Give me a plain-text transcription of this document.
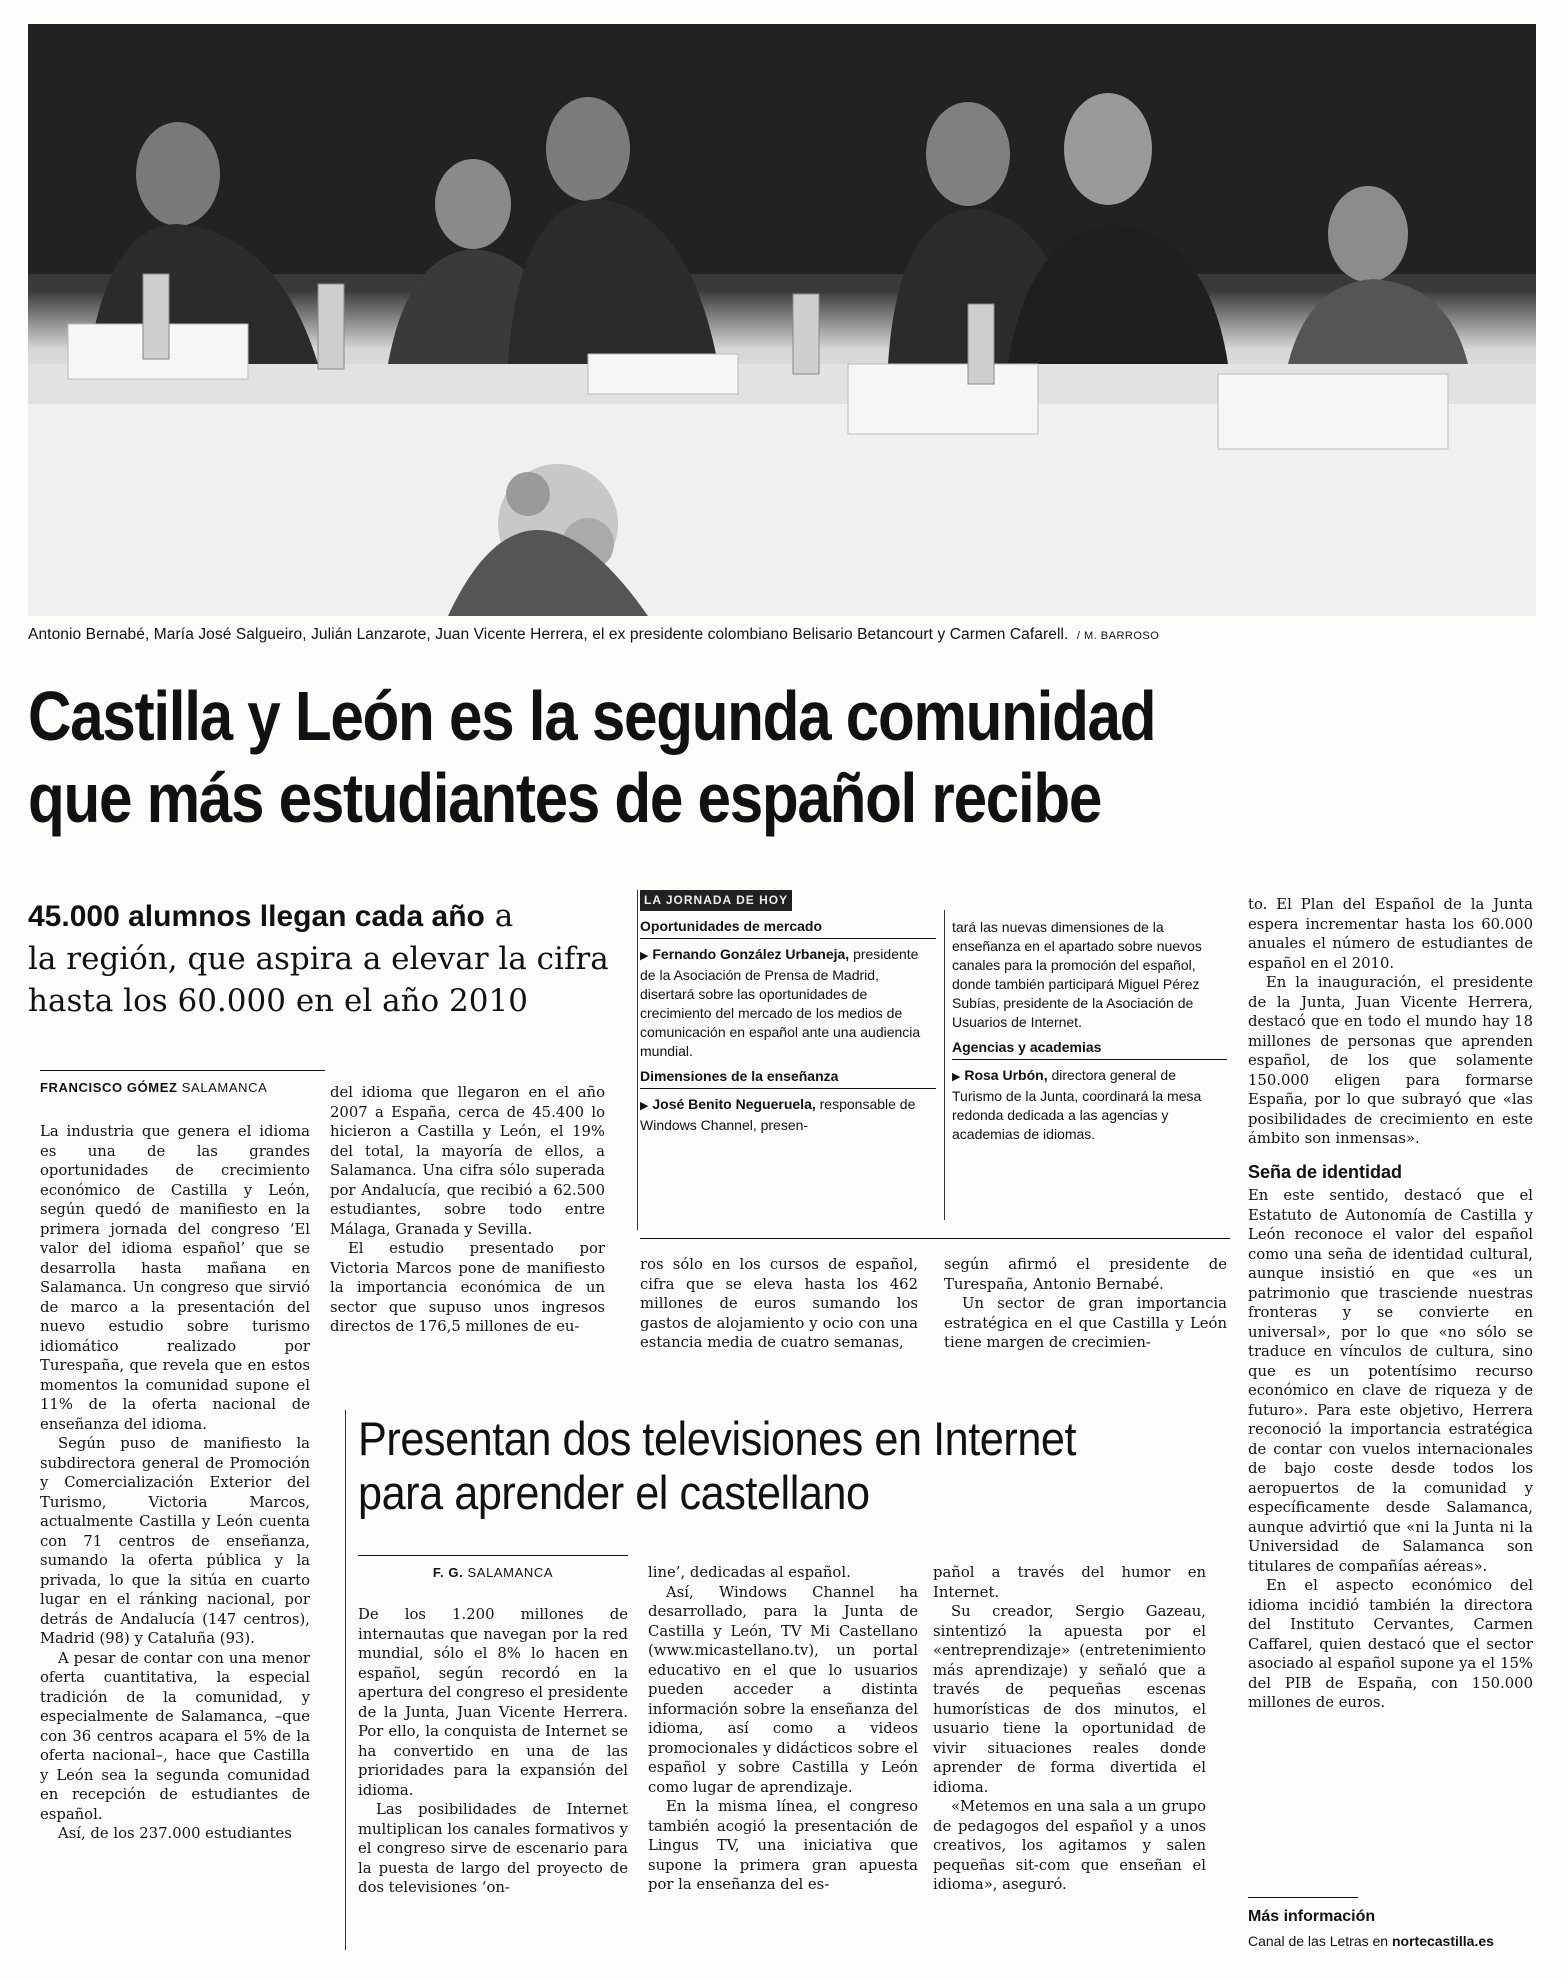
Antonio Bernabé, María José Salgueiro, Julián Lanzarote, Juan Vicente Herrera, el ex presidente colombiano Belisario Betancourt y Carmen Cafarell. / M. BARROSO
Castilla y León es la segunda comunidad
que más estudiantes de español recibe
45.000 alumnos llegan cada año a
la región, que aspira a elevar la cifra
hasta los 60.000 en el año 2010
FRANCISCO GÓMEZ SALAMANCA

La industria que genera el idioma es una de las grandes oportunidades de crecimiento económico de Castilla y León, según quedó de manifiesto en la primera jornada del congreso ‘El valor del idioma español’ que se desarrolla hasta mañana en Salamanca. Un congreso que sirvió de marco a la presentación del nuevo estudio sobre turismo idiomático realizado por Turespaña, que revela que en estos momentos la comunidad supone el 11% de la oferta nacional de enseñanza del idioma.

Según puso de manifiesto la subdirectora general de Promoción y Comercialización Exterior del Turismo, Victoria Marcos, actualmente Castilla y León cuenta con 71 centros de enseñanza, sumando la oferta pública y la privada, lo que la sitúa en cuarto lugar en el ránking nacional, por detrás de Andalucía (147 centros), Madrid (98) y Cataluña (93).

A pesar de contar con una menor oferta cuantitativa, la especial tradición de la comunidad, y especialmente de Salamanca, –que con 36 centros acapara el 5% de la oferta nacional–, hace que Castilla y León sea la segunda comunidad en recepción de estudiantes de español.

Así, de los 237.000 estudiantes

del idioma que llegaron en el año 2007 a España, cerca de 45.400 lo hicieron a Castilla y León, el 19% del total, la mayoría de ellos, a Salamanca. Una cifra sólo superada por Andalucía, que recibió a 62.500 estudiantes, sobre todo entre Málaga, Granada y Sevilla.

El estudio presentado por Victoria Marcos pone de manifiesto la importancia económica de un sector que supuso unos ingresos directos de 176,5 millones de eu-

LA JORNADA DE HOY
Oportunidades de mercado

▶ Fernando González Urbaneja, presidente de la Asociación de Prensa de Madrid, disertará sobre las oportunidades de crecimiento del mercado de los medios de comunicación en español ante una audiencia mundial.

Dimensiones de la enseñanza

▶ José Benito Negueruela, responsable de Windows Channel, presen-

tará las nuevas dimensiones de la enseñanza en el apartado sobre nuevos canales para la promoción del español, donde también participará Miguel Pérez Subías, presidente de la Asociación de Usuarios de Internet.

Agencias y academias

▶ Rosa Urbón, directora general de Turismo de la Junta, coordinará la mesa redonda dedicada a las agencias y academias de idiomas.

ros sólo en los cursos de español, cifra que se eleva hasta los 462 millones de euros sumando los gastos de alojamiento y ocio con una estancia media de cuatro semanas,

según afirmó el presidente de Turespaña, Antonio Bernabé.

Un sector de gran importancia estratégica en el que Castilla y León tiene margen de crecimien-

to. El Plan del Español de la Junta espera incrementar hasta los 60.000 anuales el número de estudiantes de español en el 2010.

En la inauguración, el presidente de la Junta, Juan Vicente Herrera, destacó que en todo el mundo hay 18 millones de personas que aprenden español, de los que solamente 150.000 eligen para formarse España, por lo que subrayó que «las posibilidades de crecimiento en este ámbito son inmensas».

Seña de identidad

En este sentido, destacó que el Estatuto de Autonomía de Castilla y León reconoce el valor del español como una seña de identidad cultural, aunque insistió en que «es un patrimonio que trasciende nuestras fronteras y se convierte en universal», por lo que «no sólo se traduce en vínculos de cultura, sino que es un potentísimo recurso económico en clave de riqueza y de futuro». Para este objetivo, Herrera reconoció la importancia estratégica de contar con vuelos internacionales de bajo coste desde todos los aeropuertos de la comunidad y específicamente desde Salamanca, aunque advirtió que «ni la Junta ni la Universidad de Salamanca son titulares de compañías aéreas».

En el aspecto económico del idioma incidió también la directora del Instituto Cervantes, Carmen Caffarel, quien destacó que el sector asociado al español supone ya el 15% del PIB de España, con 150.000 millones de euros.

Presentan dos televisiones en Internet
para aprender el castellano
F. G. SALAMANCA

De los 1.200 millones de internautas que navegan por la red mundial, sólo el 8% lo hacen en español, según recordó en la apertura del congreso el presidente de la Junta, Juan Vicente Herrera. Por ello, la conquista de Internet se ha convertido en una de las prioridades para la expansión del idioma.

Las posibilidades de Internet multiplican los canales formativos y el congreso sirve de escenario para la puesta de largo del proyecto de dos televisiones ‘on-

line’, dedicadas al español.

Así, Windows Channel ha desarrollado, para la Junta de Castilla y León, TV Mi Castellano (www.micastellano.tv), un portal educativo en el que lo usuarios pueden acceder a distinta información sobre la enseñanza del idioma, así como a videos promocionales y didácticos sobre el español y sobre Castilla y León como lugar de aprendizaje.

En la misma línea, el congreso también acogió la presentación de Lingus TV, una iniciativa que supone la primera gran apuesta por la enseñanza del es-

pañol a través del humor en Internet.

Su creador, Sergio Gazeau, sintentizó la apuesta por el «entreprendizaje» (entretenimiento más aprendizaje) y señaló que a través de pequeñas escenas humorísticas de dos minutos, el usuario tiene la oportunidad de vivir situaciones reales donde aprender de forma divertida el idioma.

«Metemos en una sala a un grupo de pedagogos del español y a unos creativos, los agitamos y salen pequeñas sit-com que enseñan el idioma», aseguró.

Más información
Canal de las Letras en nortecastilla.es
